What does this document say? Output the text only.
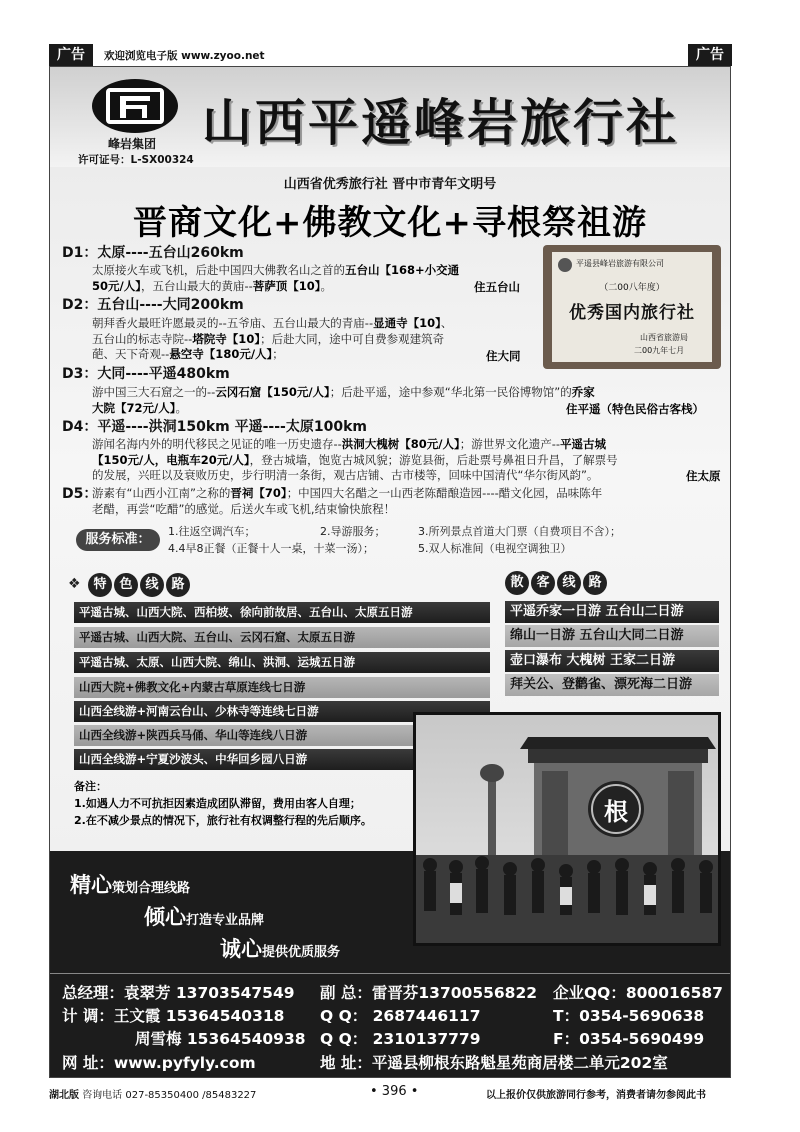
广告	欢迎浏览电子版 www.zyoo.net	广告
峰岩集团
许可证号：L-SX00324
山西平遥峰岩旅行社
山西省优秀旅行社 晋中市青年文明号
晋商文化+佛教文化+寻根祭祖游
平遥县峰岩旅游有限公司
（二00八年度）
优秀国内旅行社
山西省旅游局
二00九年七月
D1：太原----五台山260km
太原接火车或飞机，后赴中国四大佛教名山之首的五台山【168+小交通
50元/人】，五台山最大的黄庙--菩萨顶【10】。	住五台山
D2：五台山----大同200km
朝拜香火最旺许愿最灵的--五爷庙、五台山最大的青庙--显通寺【10】、
五台山的标志寺院--塔院寺【10】；后赴大同，途中可自费参观建筑奇
葩、天下奇观--悬空寺【180元/人】；	住大同
D3：大同----平遥480km
游中国三大石窟之一的--云冈石窟【150元/人】；后赴平遥，途中参观“华北第一民俗博物馆”的乔家
大院【72元/人】。	住平遥（特色民俗古客栈）
D4：平遥----洪洞150km 平遥----太原100km
游闻名海内外的明代移民之见证的唯一历史遗存--洪洞大槐树【80元/人】；游世界文化遗产--平遥古城
【150元/人，电瓶车20元/人】，登古城墙，饱览古城风貌；游览县衙，后赴票号鼻祖日升昌，了解票号
的发展，兴旺以及衰败历史，步行明清一条街，观古店铺、古市楼等，回味中国清代“华尔街风韵”。	住太原
D5：
游素有“山西小江南”之称的晋祠【70】；中国四大名醋之一山西老陈醋酿造园----醋文化园，品味陈年
老醋，再尝“吃醋”的感觉。后送火车或飞机,结束愉快旅程！
服务标准：
1.往返空调汽车；	2.导游服务；	3.所列景点首道大门票（自费项目不含）；
4.4早8正餐（正餐十人一桌，十菜一汤）；	5.双人标准间（电视空调独卫）
❖ 特 色 线 路
平遥古城、山西大院、西柏坡、徐向前故居、五台山、太原五日游
平遥古城、山西大院、五台山、云冈石窟、太原五日游
平遥古城、太原、山西大院、绵山、洪洞、运城五日游
山西大院+佛教文化+内蒙古草原连线七日游
山西全线游+河南云台山、少林寺等连线七日游
山西全线游+陕西兵马俑、华山等连线八日游
山西全线游+宁夏沙波头、中华回乡园八日游
散 客 线 路
平遥乔家一日游 五台山二日游
绵山一日游 五台山大同二日游
壶口瀑布 大槐树 王家二日游
拜关公、登鹳雀、漂死海二日游
备注：
1.如遇人力不可抗拒因素造成团队滞留，费用由客人自理；
2.在不减少景点的情况下，旅行社有权调整行程的先后顺序。
精心策划合理线路
倾心打造专业品牌
诚心提供优质服务
总经理：袁翠芳 13703547549 副 总：雷晋芬13700556822 企业QQ：800016587
计 调：王文霞 15364540318 Q Q： 2687446117	T：0354-5690638
周雪梅 15364540938 Q Q： 2310137779	F：0354-5690499
网 址：www.pyfyly.com	地 址：平遥县柳根东路魁星苑商居楼二单元202室
根
湖北版 咨询电话 027-85350400 /85483227	• 396 •	以上报价仅供旅游同行参考，消费者请勿参阅此书
